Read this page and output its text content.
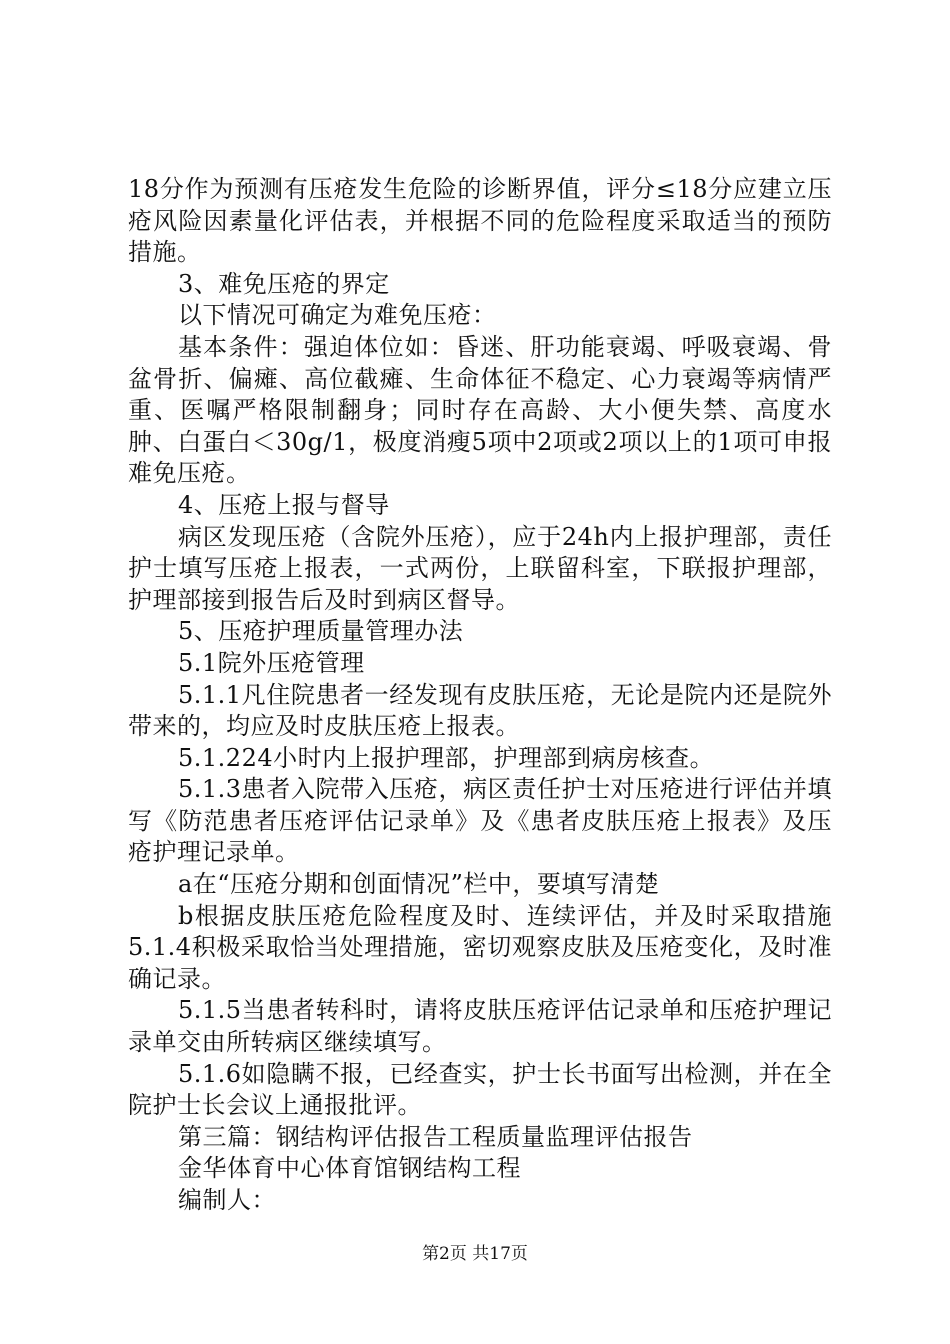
18分作为预测有压疮发生危险的诊断界值，评分≤18分应建立压疮风险因素量化评估表，并根据不同的危险程度采取适当的预防措施。

3、难免压疮的界定

以下情况可确定为难免压疮：

基本条件：强迫体位如：昏迷、肝功能衰竭、呼吸衰竭、骨盆骨折、偏瘫、高位截瘫、生命体征不稳定、心力衰竭等病情严重、医嘱严格限制翻身；同时存在高龄、大小便失禁、高度水肿、白蛋白＜30g/1，极度消瘦5项中2项或2项以上的1项可申报难免压疮。

4、压疮上报与督导

病区发现压疮（含院外压疮），应于24h内上报护理部，责任护士填写压疮上报表，一式两份，上联留科室，下联报护理部，护理部接到报告后及时到病区督导。

5、压疮护理质量管理办法

5.1院外压疮管理

5.1.1凡住院患者一经发现有皮肤压疮，无论是院内还是院外带来的，均应及时皮肤压疮上报表。

5.1.224小时内上报护理部，护理部到病房核查。

5.1.3患者入院带入压疮，病区责任护士对压疮进行评估并填写《防范患者压疮评估记录单》及《患者皮肤压疮上报表》及压疮护理记录单。

a在“压疮分期和创面情况”栏中，要填写清楚

b根据皮肤压疮危险程度及时、连续评估，并及时采取措施5.1.4积极采取恰当处理措施，密切观察皮肤及压疮变化，及时准确记录。

5.1.5当患者转科时，请将皮肤压疮评估记录单和压疮护理记录单交由所转病区继续填写。

5.1.6如隐瞒不报，已经查实，护士长书面写出检测，并在全院护士长会议上通报批评。

第三篇：钢结构评估报告工程质量监理评估报告

金华体育中心体育馆钢结构工程

编制人：

第2页 共17页
